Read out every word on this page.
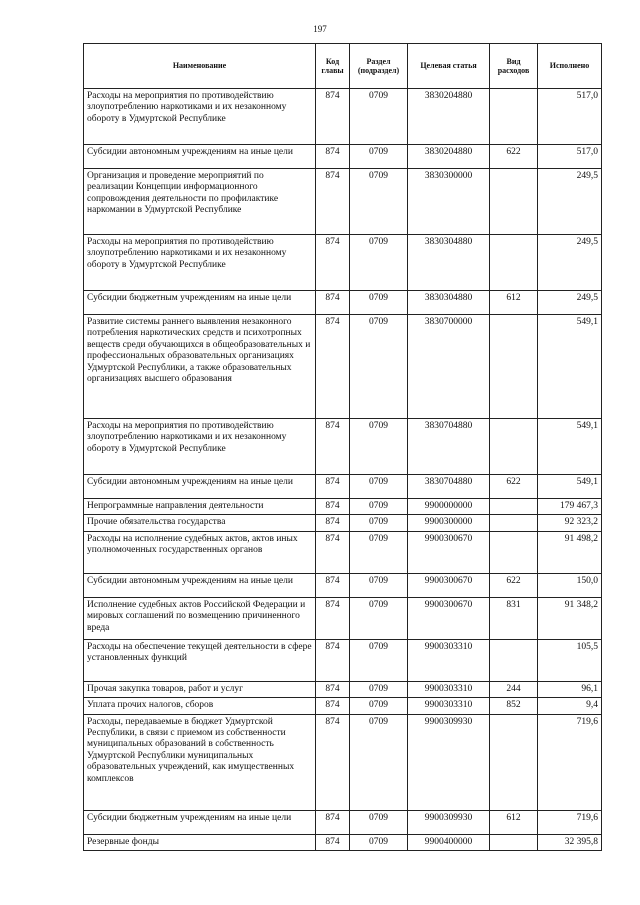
197
Наименование	Код главы	Раздел (подраздел)	Целевая статья	Вид расходов	Исполнено
Расходы на мероприятия по противодействию злоупотреблению наркотиками и их незаконному обороту в Удмуртской Республике	874	0709	3830204880		517,0
Субсидии автономным учреждениям на иные цели	874	0709	3830204880	622	517,0
Организация и проведение мероприятий по реализации Концепции информационного сопровождения деятельности по профилактике наркомании в Удмуртской Республике	874	0709	3830300000		249,5
Расходы на мероприятия по противодействию злоупотреблению наркотиками и их незаконному обороту в Удмуртской Республике	874	0709	3830304880		249,5
Субсидии бюджетным учреждениям на иные цели	874	0709	3830304880	612	249,5
Развитие системы раннего выявления незаконного потребления наркотических средств и психотропных веществ среди обучающихся в общеобразовательных и профессиональных образовательных организациях Удмуртской Республики, а также образовательных организациях высшего образования	874	0709	3830700000		549,1
Расходы на мероприятия по противодействию злоупотреблению наркотиками и их незаконному обороту в Удмуртской Республике	874	0709	3830704880		549,1
Субсидии автономным учреждениям на иные цели	874	0709	3830704880	622	549,1
Непрограммные направления деятельности	874	0709	9900000000		179 467,3
Прочие обязательства государства	874	0709	9900300000		92 323,2
Расходы на исполнение судебных актов, актов иных уполномоченных государственных органов	874	0709	9900300670		91 498,2
Субсидии автономным учреждениям на иные цели	874	0709	9900300670	622	150,0
Исполнение судебных актов Российской Федерации и мировых соглашений по возмещению причиненного вреда	874	0709	9900300670	831	91 348,2
Расходы на обеспечение текущей деятельности в сфере установленных функций	874	0709	9900303310		105,5
Прочая закупка товаров, работ и услуг	874	0709	9900303310	244	96,1
Уплата прочих налогов, сборов	874	0709	9900303310	852	9,4
Расходы, передаваемые в бюджет Удмуртской Республики, в связи с приемом из собственности муниципальных образований в собственность Удмуртской Республики муниципальных образовательных учреждений, как имущественных комплексов	874	0709	9900309930		719,6
Субсидии бюджетным учреждениям на иные цели	874	0709	9900309930	612	719,6
Резервные фонды	874	0709	9900400000		32 395,8
